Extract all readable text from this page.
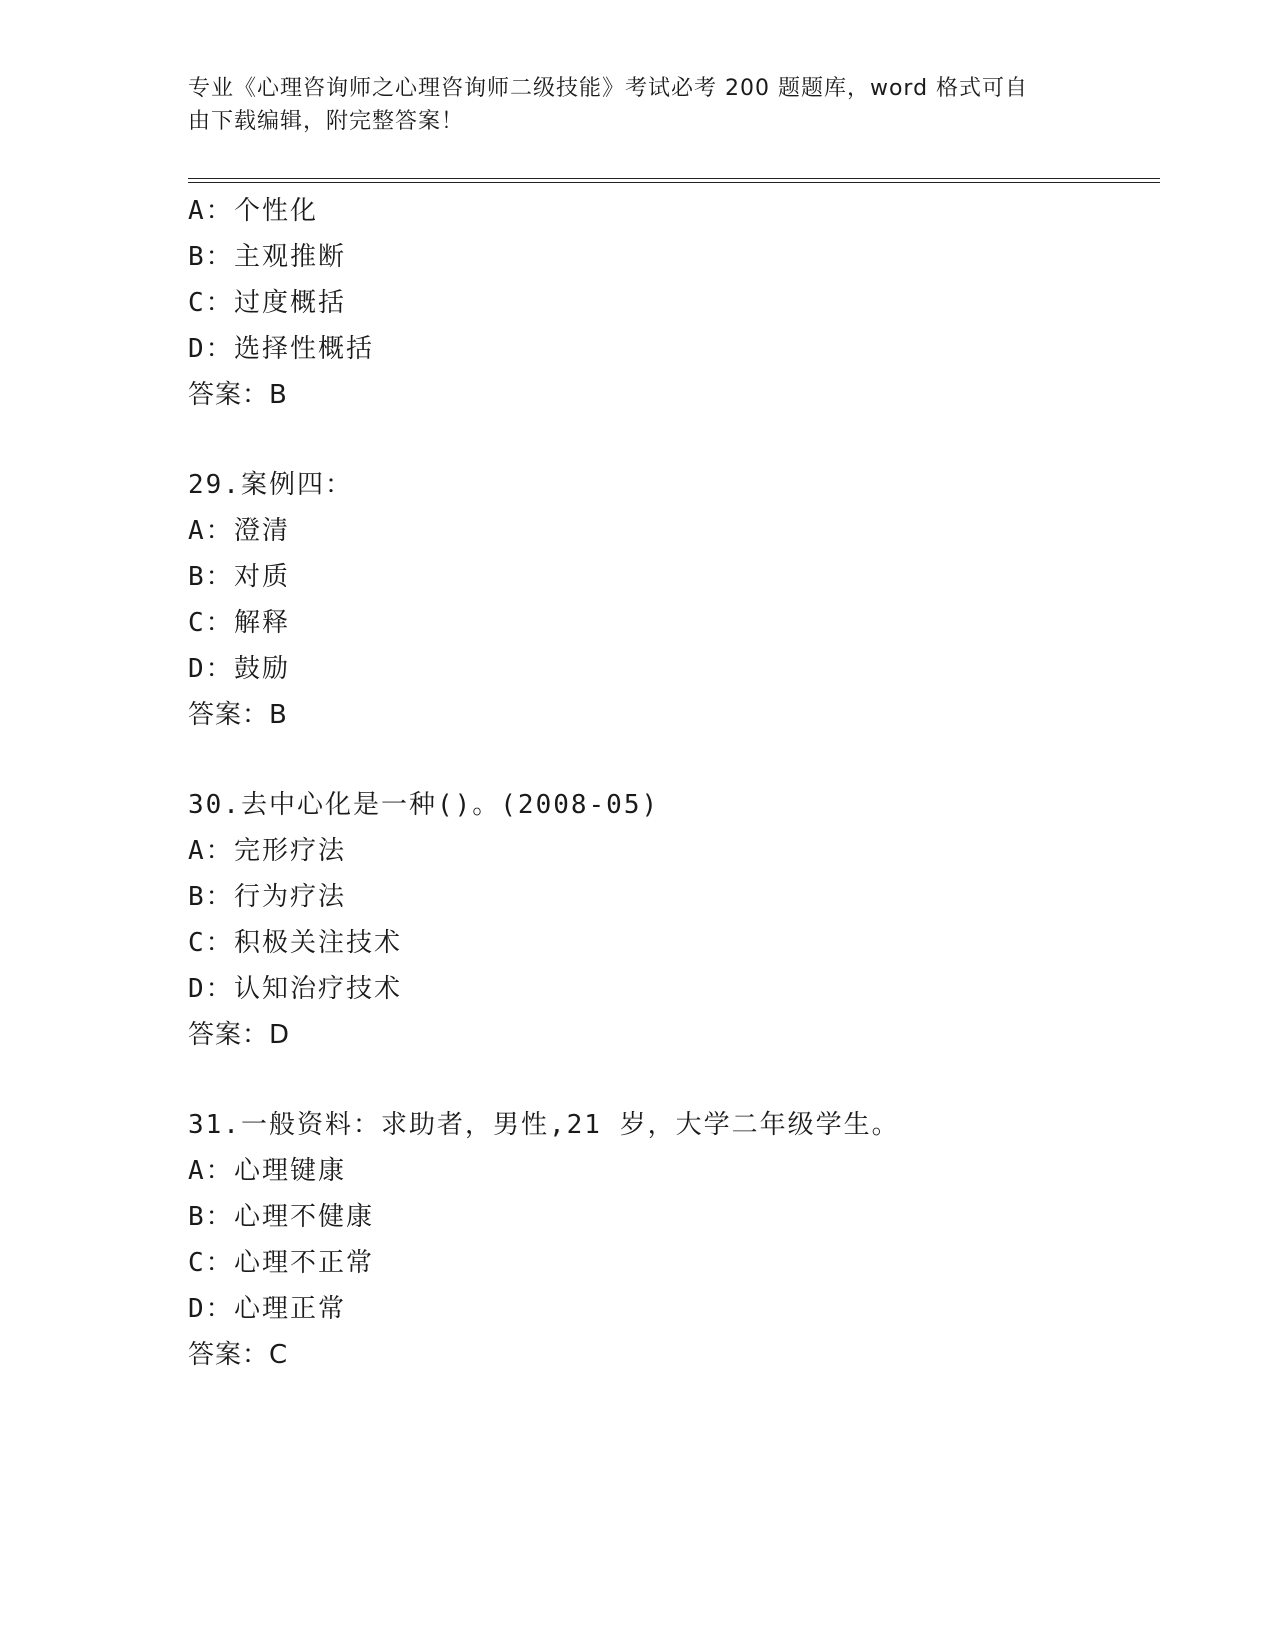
专业《心理咨询师之心理咨询师二级技能》考试必考 200 题题库，word 格式可自
由下载编辑，附完整答案！
A：个性化
B：主观推断
C：过度概括
D：选择性概括
答案：B
29.案例四：
A：澄清
B：对质
C：解释
D：鼓励
答案：B
30.去中心化是一种()。(2008-05)
A：完形疗法
B：行为疗法
C：积极关注技术
D：认知治疗技术
答案：D
31.一般资料：求助者，男性,21 岁，大学二年级学生。
A：心理键康
B：心理不健康
C：心理不正常
D：心理正常
答案：C
